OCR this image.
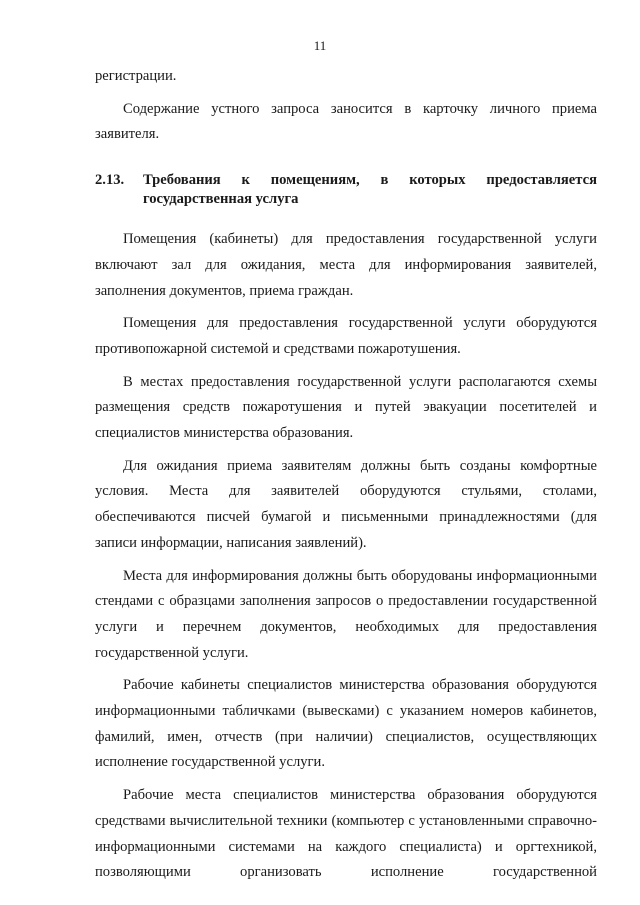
11

регистрации.

Содержание устного запроса заносится в карточку личного приема заявителя.

2.13.	Требования к помещениям, в которых предоставляется
государственная услуга

Помещения (кабинеты) для предоставления государственной услуги включают зал для ожидания, места для информирования заявителей, заполнения документов, приема граждан.

Помещения для предоставления государственной услуги оборудуются противопожарной системой и средствами пожаротушения.

В местах предоставления государственной услуги располагаются схемы размещения средств пожаротушения и путей эвакуации посетителей и специалистов министерства образования.

Для ожидания приема заявителям должны быть созданы комфортные условия. Места для заявителей оборудуются стульями, столами, обеспечиваются писчей бумагой и письменными принадлежностями (для записи информации, написания заявлений).

Места для информирования должны быть оборудованы информационными стендами с образцами заполнения запросов о предоставлении государственной услуги и перечнем документов, необходимых для предоставления государственной услуги.

Рабочие кабинеты специалистов министерства образования оборудуются информационными табличками (вывесками) с указанием номеров кабинетов, фамилий, имен, отчеств (при наличии) специалистов, осуществляющих исполнение государственной услуги.

Рабочие места специалистов министерства образования оборудуются средствами вычислительной техники (компьютер с установленными справочно-информационными системами на каждого специалиста) и оргтехникой, позволяющими организовать исполнение государственной
